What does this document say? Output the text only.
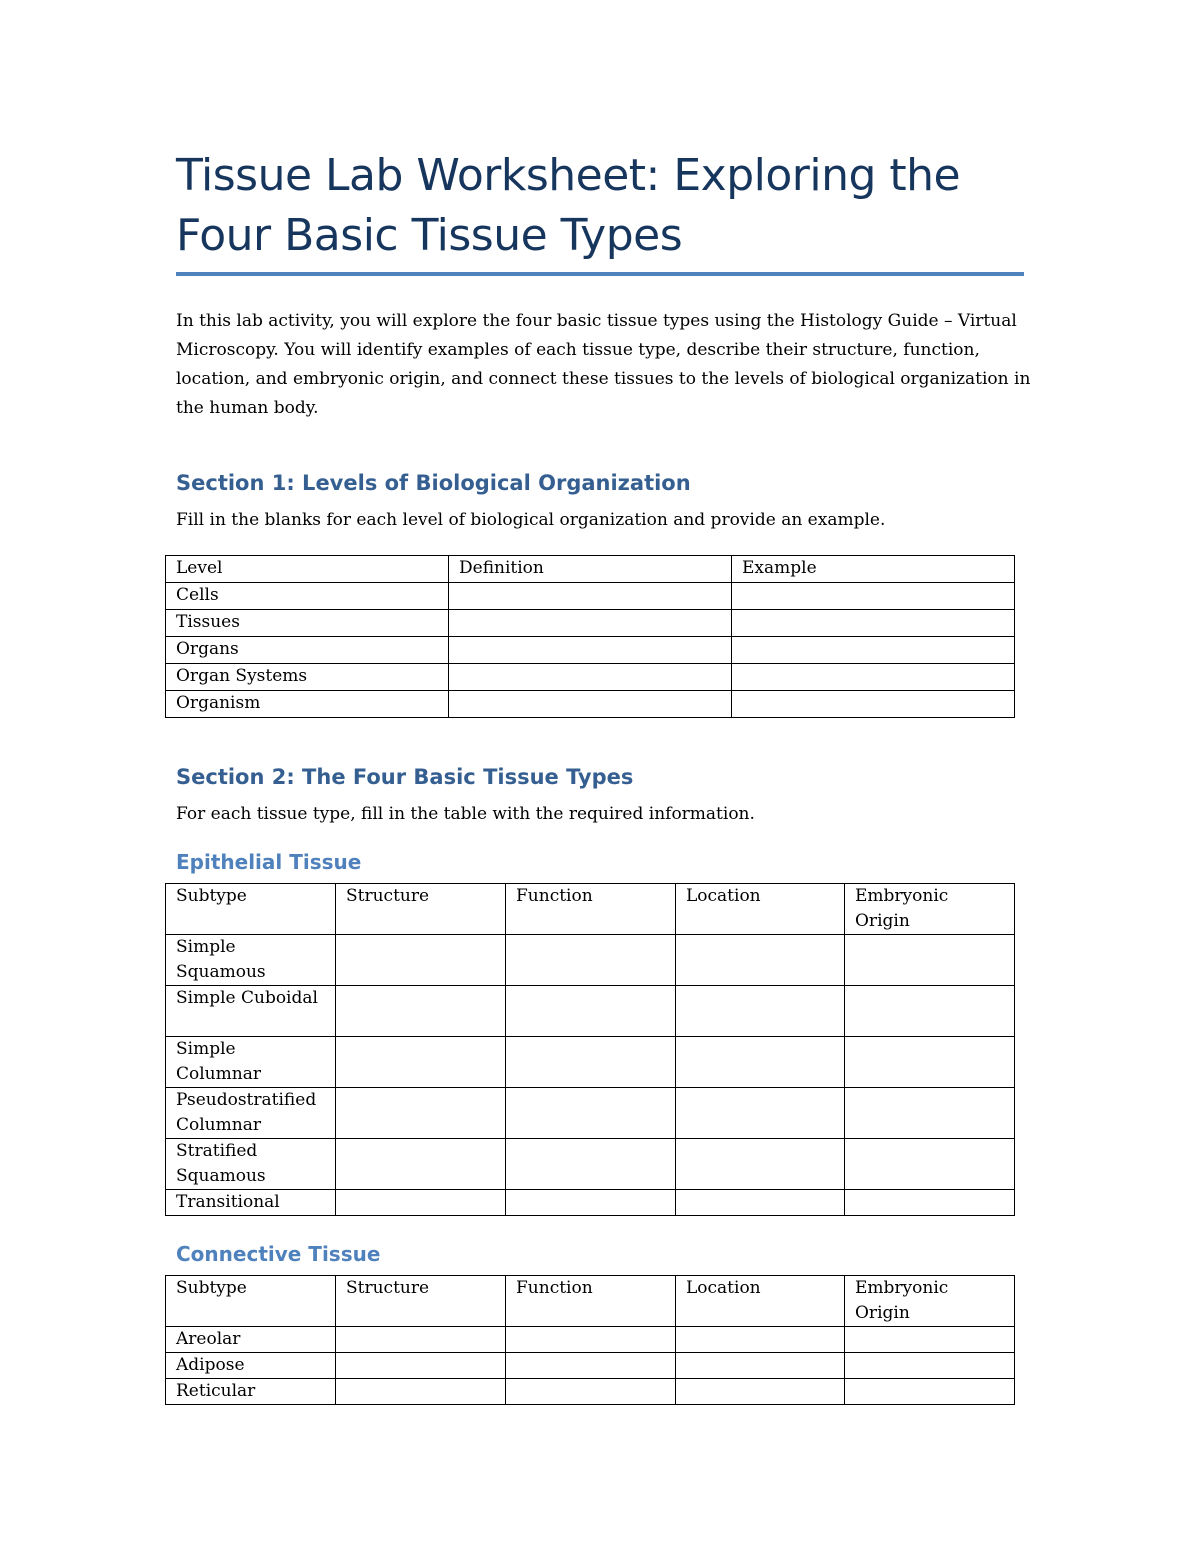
Tissue Lab Worksheet: Exploring the Four Basic Tissue Types

In this lab activity, you will explore the four basic tissue types using the Histology Guide – Virtual Microscopy. You will identify examples of each tissue type, describe their structure, function, location, and embryonic origin, and connect these tissues to the levels of biological organization in the human body.

Section 1: Levels of Biological Organization

Fill in the blanks for each level of biological organization and provide an example.

Level	Definition	Example
Cells		
Tissues		
Organs		
Organ Systems		
Organism		
Section 2: The Four Basic Tissue Types

For each tissue type, fill in the table with the required information.

Epithelial Tissue
Subtype	Structure	Function	Location	Embryonic Origin
Simple Squamous				
Simple Cuboidal				
Simple Columnar				
Pseudostratified Columnar				
Stratified Squamous				
Transitional				
Connective Tissue
Subtype	Structure	Function	Location	Embryonic Origin
Areolar				
Adipose				
Reticular				
